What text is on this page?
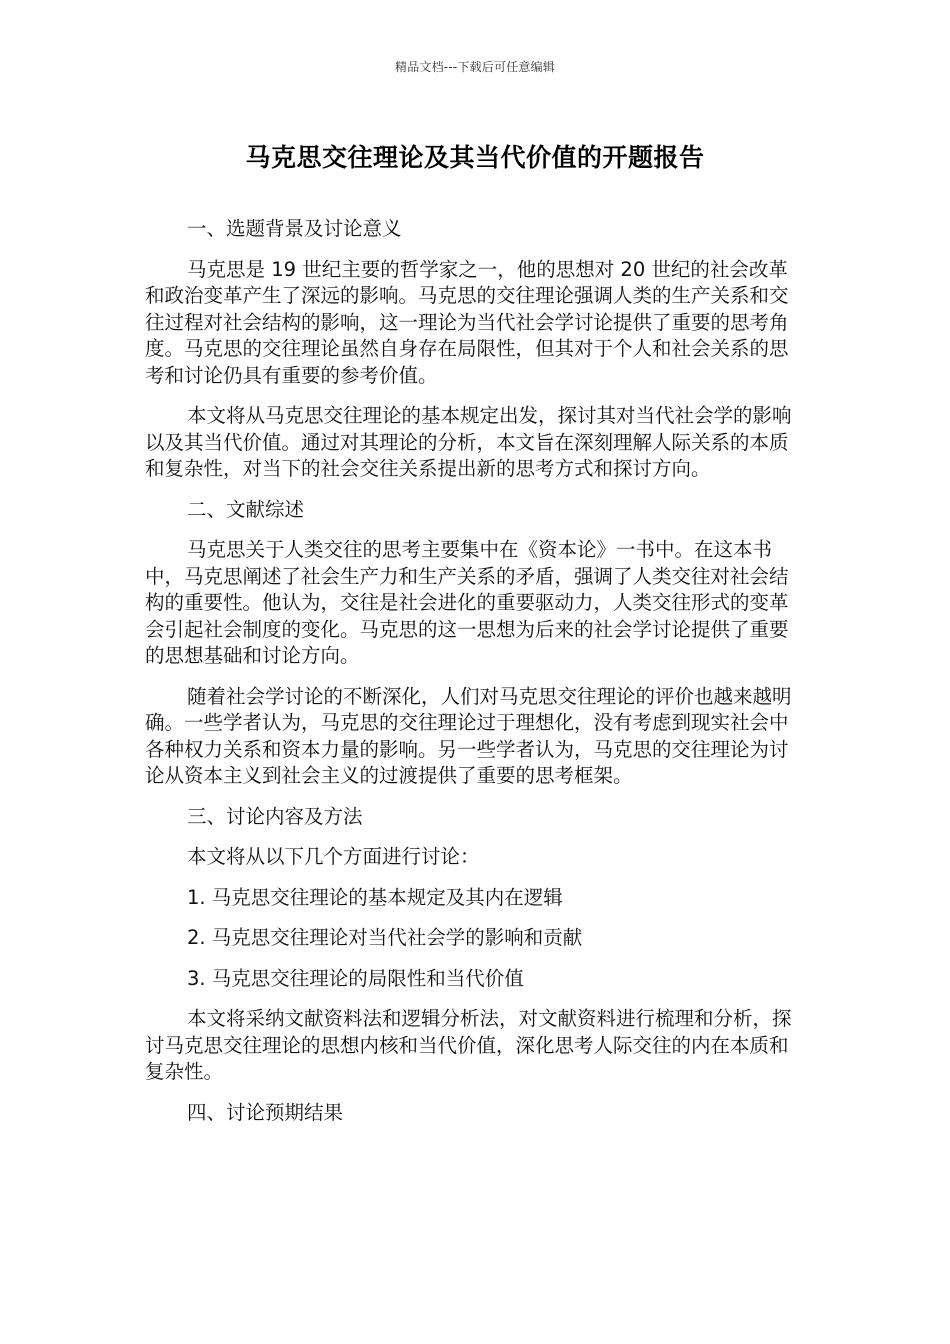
精品文档---下载后可任意编辑
马克思交往理论及其当代价值的开题报告

一、选题背景及讨论意义

马克思是 19 世纪主要的哲学家之一，他的思想对 20 世纪的社会改革和政治变革产生了深远的影响。马克思的交往理论强调人类的生产关系和交往过程对社会结构的影响，这一理论为当代社会学讨论提供了重要的思考角度。马克思的交往理论虽然自身存在局限性，但其对于个人和社会关系的思考和讨论仍具有重要的参考价值。

本文将从马克思交往理论的基本规定出发，探讨其对当代社会学的影响以及其当代价值。通过对其理论的分析，本文旨在深刻理解人际关系的本质和复杂性，对当下的社会交往关系提出新的思考方式和探讨方向。

二、文献综述

马克思关于人类交往的思考主要集中在《资本论》一书中。在这本书中，马克思阐述了社会生产力和生产关系的矛盾，强调了人类交往对社会结构的重要性。他认为，交往是社会进化的重要驱动力，人类交往形式的变革会引起社会制度的变化。马克思的这一思想为后来的社会学讨论提供了重要的思想基础和讨论方向。

随着社会学讨论的不断深化，人们对马克思交往理论的评价也越来越明确。一些学者认为，马克思的交往理论过于理想化，没有考虑到现实社会中各种权力关系和资本力量的影响。另一些学者认为，马克思的交往理论为讨论从资本主义到社会主义的过渡提供了重要的思考框架。

三、讨论内容及方法

本文将从以下几个方面进行讨论：

1. 马克思交往理论的基本规定及其内在逻辑

2. 马克思交往理论对当代社会学的影响和贡献

3. 马克思交往理论的局限性和当代价值

本文将采纳文献资料法和逻辑分析法，对文献资料进行梳理和分析，探讨马克思交往理论的思想内核和当代价值，深化思考人际交往的内在本质和复杂性。

四、讨论预期结果
